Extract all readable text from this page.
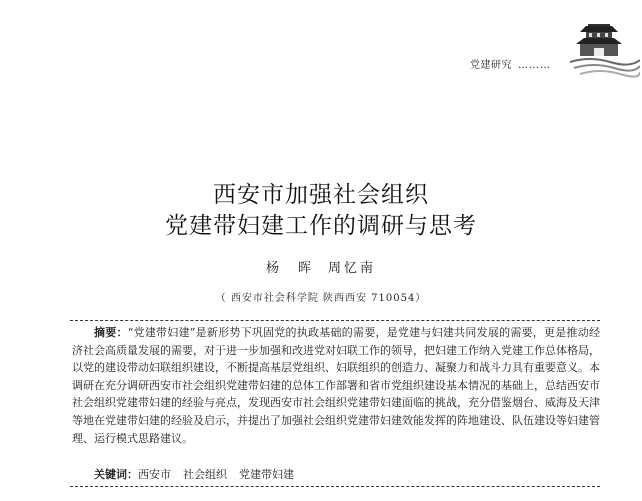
党建研究 ………
西安市加强社会组织
党建带妇建工作的调研与思考
杨　晖 周忆南
（ 西安市社会科学院 陕西西安 710054）
摘要：“党建带妇建”是新形势下巩固党的执政基础的需要，是党建与妇建共同发展的需要，更是推动经济社会高质量发展的需要，对于进一步加强和改进党对妇联工作的领导，把妇建工作纳入党建工作总体格局，以党的建设带动妇联组织建设，不断提高基层党组织、妇联组织的创造力、凝聚力和战斗力具有重要意义。本调研在充分调研西安市社会组织党建带妇建的总体工作部署和省市党组织建设基本情况的基础上，总结西安市社会组织党建带妇建的经验与亮点，发现西安市社会组织党建带妇建面临的挑战，充分借鉴烟台、威海及天津等地在党建带妇建的经验及启示，并提出了加强社会组织党建带妇建效能发挥的阵地建设、队伍建设等妇建管理、运行模式思路建议。
关键词：西安市 社会组织 党建带妇建
